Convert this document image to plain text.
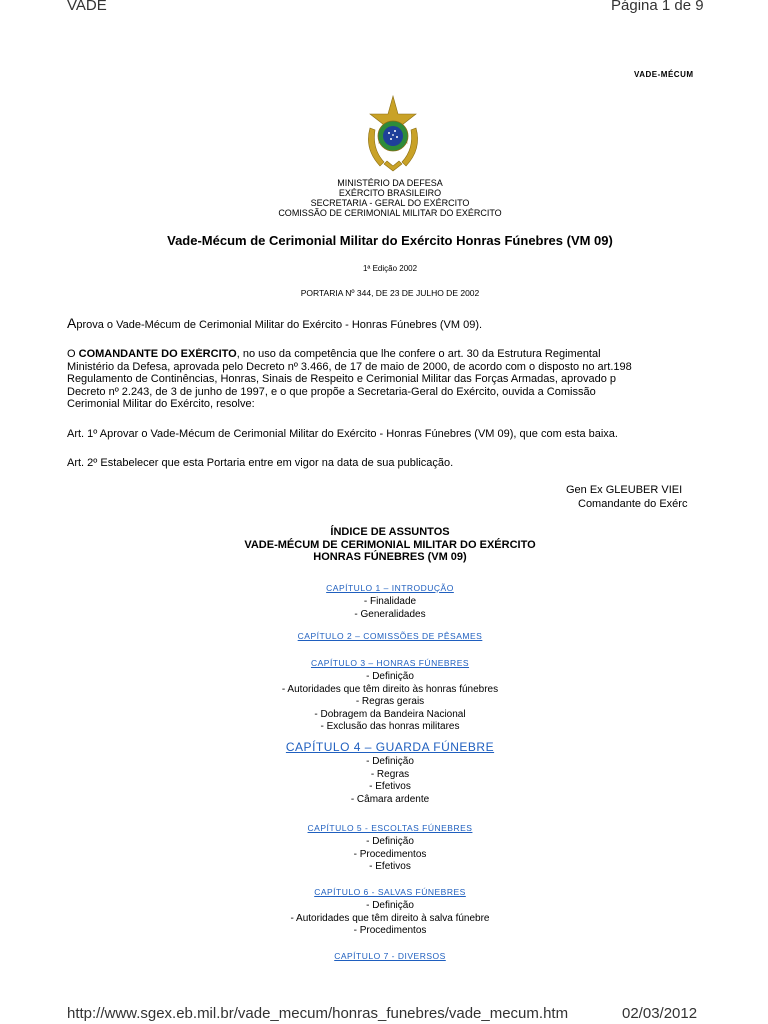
VADE	Página 1 de 9
VADE-MÉCUM
MINISTÉRIO DA DEFESA
EXÉRCITO BRASILEIRO
SECRETARIA - GERAL DO EXÉRCITO
COMISSÃO DE CERIMONIAL MILITAR DO EXÉRCITO
Vade-Mécum de Cerimonial Militar do Exército Honras Fúnebres (VM 09)
1ª Edição 2002
PORTARIA Nº 344, DE 23 DE JULHO DE 2002
Aprova o Vade-Mécum de Cerimonial Militar do Exército - Honras Fúnebres (VM 09).
O COMANDANTE DO EXÉRCITO, no uso da competência que lhe confere o art. 30 da Estrutura Regimental
Ministério da Defesa, aprovada pelo Decreto nº 3.466, de 17 de maio de 2000, de acordo com o disposto no art.198
Regulamento de Continências, Honras, Sinais de Respeito e Cerimonial Militar das Forças Armadas, aprovado p
Decreto nº 2.243, de 3 de junho de 1997, e o que propõe a Secretaria-Geral do Exército, ouvida a Comissão
Cerimonial Militar do Exército, resolve:
Art. 1º Aprovar o Vade-Mécum de Cerimonial Militar do Exército - Honras Fúnebres (VM 09), que com esta baixa.
Art. 2º Estabelecer que esta Portaria entre em vigor na data de sua publicação.
Gen Ex GLEUBER VIEI
Comandante do Exérc
ÍNDICE DE ASSUNTOS
VADE-MÉCUM DE CERIMONIAL MILITAR DO EXÉRCITO
HONRAS FÚNEBRES (VM 09)
CAPÍTULO 1 – INTRODUÇÃO
- Finalidade
- Generalidades
CAPÍTULO 2 – COMISSÕES DE PÊSAMES
CAPÍTULO 3 – HONRAS FÚNEBRES
- Definição
- Autoridades que têm direito às honras fúnebres
- Regras gerais
- Dobragem da Bandeira Nacional
- Exclusão das honras militares
CAPÍTULO 4 – GUARDA FÚNEBRE
- Definição
- Regras
- Efetivos
- Câmara ardente
CAPÍTULO 5 - ESCOLTAS FÚNEBRES
- Definição
- Procedimentos
- Efetivos
CAPÍTULO 6 - SALVAS FÚNEBRES
- Definição
- Autoridades que têm direito à salva fúnebre
- Procedimentos
CAPÍTULO 7 - DIVERSOS
http://www.sgex.eb.mil.br/vade_mecum/honras_funebres/vade_mecum.htm	02/03/2012
